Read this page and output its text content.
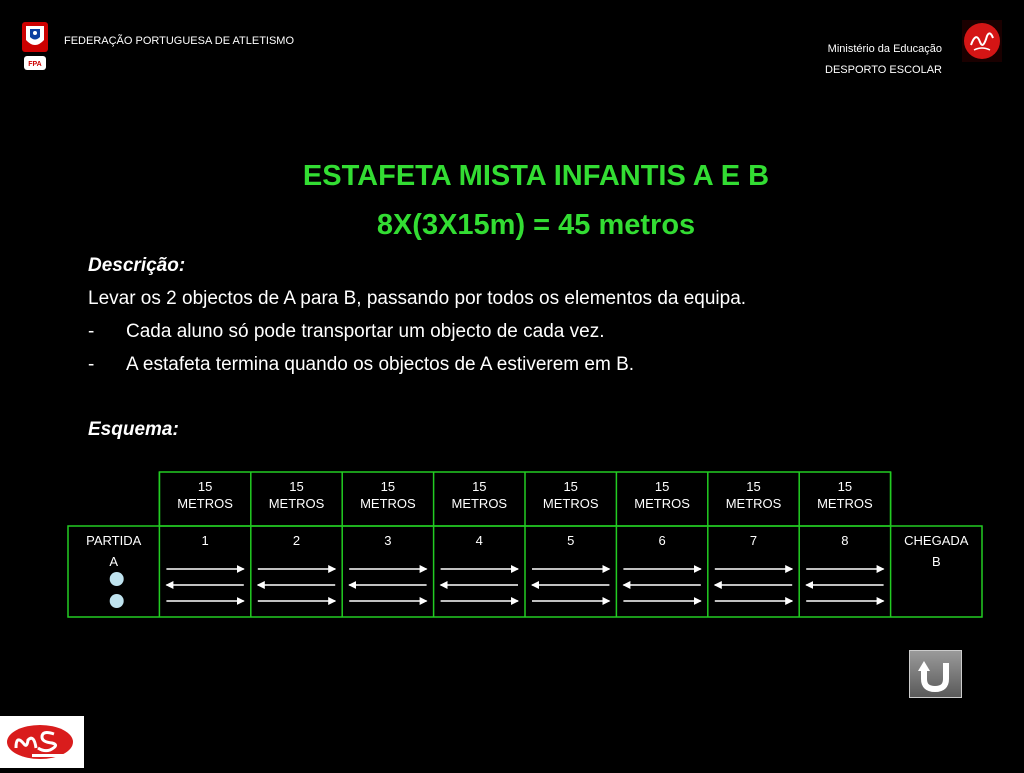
FPA
FEDERAÇÃO PORTUGUESA DE ATLETISMO
Ministério da Educação
DESPORTO ESCOLAR
ESTAFETA MISTA INFANTIS A E B
8X(3X15m) = 45 metros
Descrição:
Levar os 2 objectos de A para B, passando por todos os elementos da equipa.
- Cada aluno só pode transportar um objecto de cada vez.
- A estafeta termina quando os objectos de A estiverem em B.
Esquema:
15
METROS
1
15
METROS
2
15
METROS
3
15
METROS
4
15
METROS
5
15
METROS
6
15
METROS
7
15
METROS
8
PARTIDA
A
CHEGADA
B
